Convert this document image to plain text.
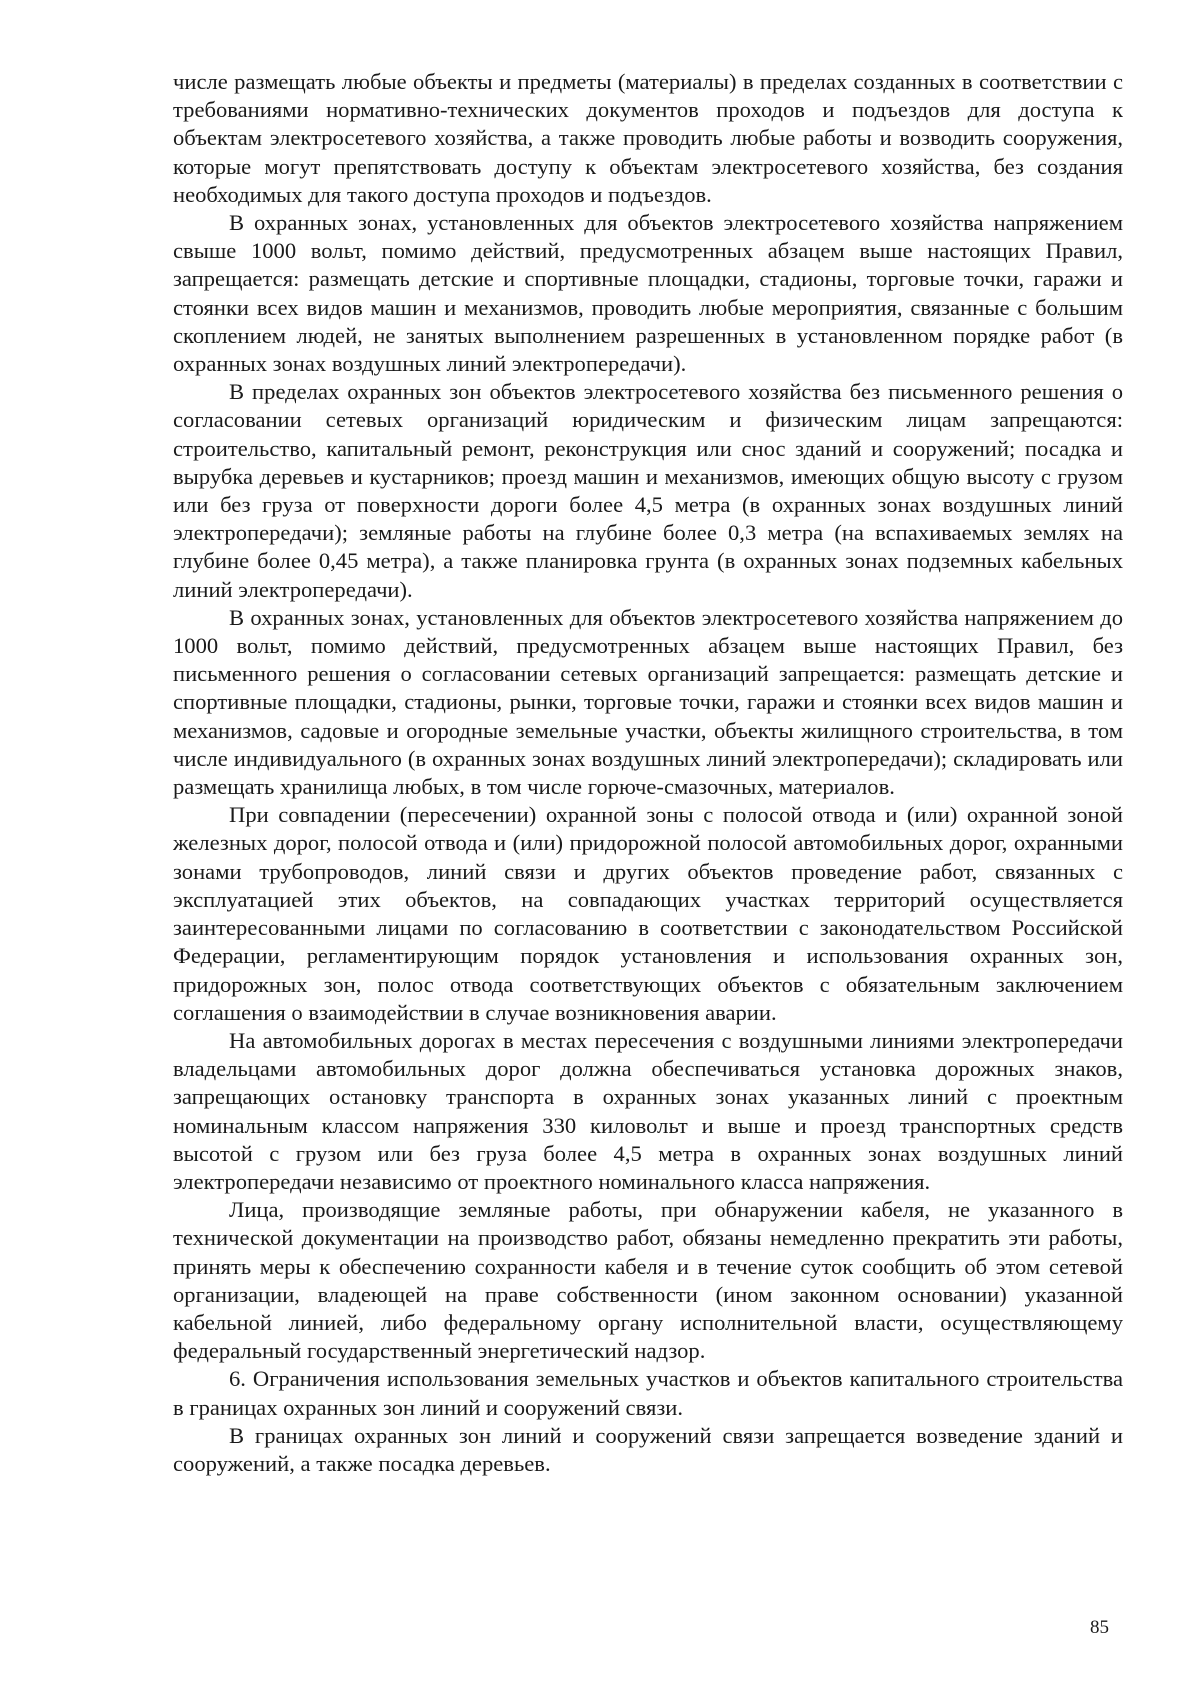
числе размещать любые объекты и предметы (материалы) в пределах созданных в соответствии с требованиями нормативно-технических документов проходов и подъездов для доступа к объектам электросетевого хозяйства, а также проводить любые работы и возводить сооружения, которые могут препятствовать доступу к объектам электросетевого хозяйства, без создания необходимых для такого доступа проходов и подъездов.

В охранных зонах, установленных для объектов электросетевого хозяйства напряжением свыше 1000 вольт, помимо действий, предусмотренных абзацем выше настоящих Правил, запрещается: размещать детские и спортивные площадки, стадионы, торговые точки, гаражи и стоянки всех видов машин и механизмов, проводить любые мероприятия, связанные с большим скоплением людей, не занятых выполнением разрешенных в установленном порядке работ (в охранных зонах воздушных линий электропередачи).

В пределах охранных зон объектов электросетевого хозяйства без письменного решения о согласовании сетевых организаций юридическим и физическим лицам запрещаются: строительство, капитальный ремонт, реконструкция или снос зданий и сооружений; посадка и вырубка деревьев и кустарников; проезд машин и механизмов, имеющих общую высоту с грузом или без груза от поверхности дороги более 4,5 метра (в охранных зонах воздушных линий электропередачи); земляные работы на глубине более 0,3 метра (на вспахиваемых землях на глубине более 0,45 метра), а также планировка грунта (в охранных зонах подземных кабельных линий электропередачи).

В охранных зонах, установленных для объектов электросетевого хозяйства напряжением до 1000 вольт, помимо действий, предусмотренных абзацем выше настоящих Правил, без письменного решения о согласовании сетевых организаций запрещается: размещать детские и спортивные площадки, стадионы, рынки, торговые точки, гаражи и стоянки всех видов машин и механизмов, садовые и огородные земельные участки, объекты жилищного строительства, в том числе индивидуального (в охранных зонах воздушных линий электропередачи); складировать или размещать хранилища любых, в том числе горюче-смазочных, материалов.

При совпадении (пересечении) охранной зоны с полосой отвода и (или) охранной зоной железных дорог, полосой отвода и (или) придорожной полосой автомобильных дорог, охранными зонами трубопроводов, линий связи и других объектов проведение работ, связанных с эксплуатацией этих объектов, на совпадающих участках территорий осуществляется заинтересованными лицами по согласованию в соответствии с законодательством Российской Федерации, регламентирующим порядок установления и использования охранных зон, придорожных зон, полос отвода соответствующих объектов с обязательным заключением соглашения о взаимодействии в случае возникновения аварии.

На автомобильных дорогах в местах пересечения с воздушными линиями электропередачи владельцами автомобильных дорог должна обеспечиваться установка дорожных знаков, запрещающих остановку транспорта в охранных зонах указанных линий с проектным номинальным классом напряжения 330 киловольт и выше и проезд транспортных средств высотой с грузом или без груза более 4,5 метра в охранных зонах воздушных линий электропередачи независимо от проектного номинального класса напряжения.

Лица, производящие земляные работы, при обнаружении кабеля, не указанного в технической документации на производство работ, обязаны немедленно прекратить эти работы, принять меры к обеспечению сохранности кабеля и в течение суток сообщить об этом сетевой организации, владеющей на праве собственности (ином законном основании) указанной кабельной линией, либо федеральному органу исполнительной власти, осуществляющему федеральный государственный энергетический надзор.

6. Ограничения использования земельных участков и объектов капитального строительства в границах охранных зон линий и сооружений связи.

В границах охранных зон линий и сооружений связи запрещается возведение зданий и сооружений, а также посадка деревьев.

85
